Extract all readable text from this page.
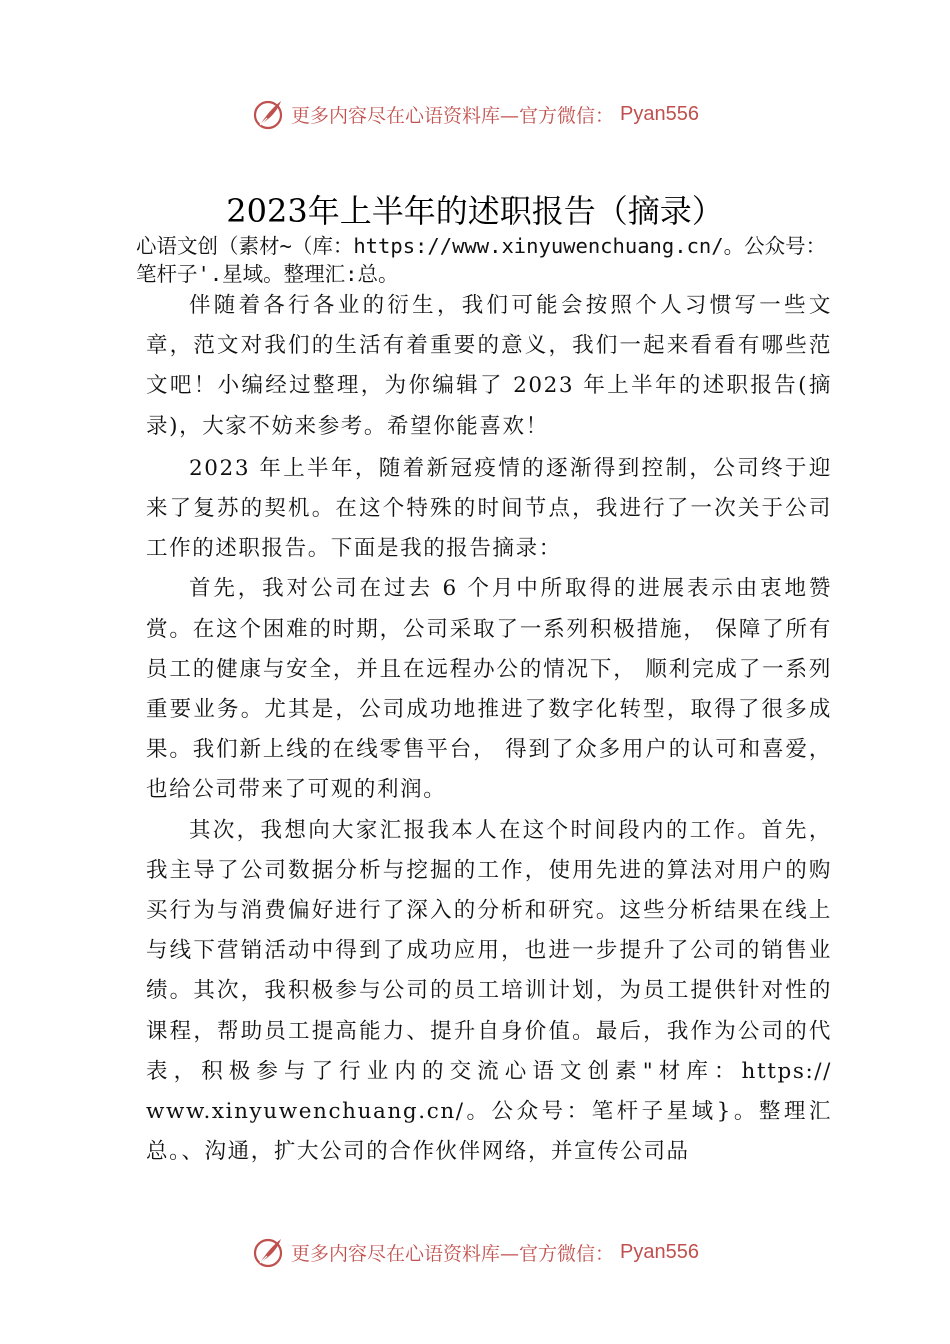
更多内容尽在心语资料库—官方微信： Pyan556
2023年上半年的述职报告（摘录）
心语文创（素材~（库：https://www.xinyuwenchuang.cn/。公众号：笔杆子'.星域。整理汇:总。

伴随着各行各业的衍生，我们可能会按照个人习惯写一些文章，范文对我们的生活有着重要的意义，我们一起来看看有哪些范文吧！小编经过整理，为你编辑了 2023 年上半年的述职报告(摘录)，大家不妨来参考。希望你能喜欢！

2023 年上半年，随着新冠疫情的逐渐得到控制，公司终于迎来了复苏的契机。在这个特殊的时间节点，我进行了一次关于公司工作的述职报告。下面是我的报告摘录：

首先，我对公司在过去 6 个月中所取得的进展表示由衷地赞赏。在这个困难的时期，公司采取了一系列积极措施， 保障了所有员工的健康与安全，并且在远程办公的情况下， 顺利完成了一系列重要业务。尤其是，公司成功地推进了数字化转型，取得了很多成果。我们新上线的在线零售平台， 得到了众多用户的认可和喜爱，也给公司带来了可观的利润。

其次，我想向大家汇报我本人在这个时间段内的工作。首先，我主导了公司数据分析与挖掘的工作，使用先进的算法对用户的购买行为与消费偏好进行了深入的分析和研究。这些分析结果在线上与线下营销活动中得到了成功应用，也进一步提升了公司的销售业绩。其次，我积极参与公司的员工培训计划，为员工提供针对性的课程，帮助员工提高能力、提升自身价值。最后，我作为公司的代表，积极参与了行业内的交流心语文创素"材库：https:// www.xinyuwenchuang.cn/。公众号：笔杆子星域}。整理汇总。、沟通，扩大公司的合作伙伴网络，并宣传公司品

更多内容尽在心语资料库—官方微信： Pyan556
